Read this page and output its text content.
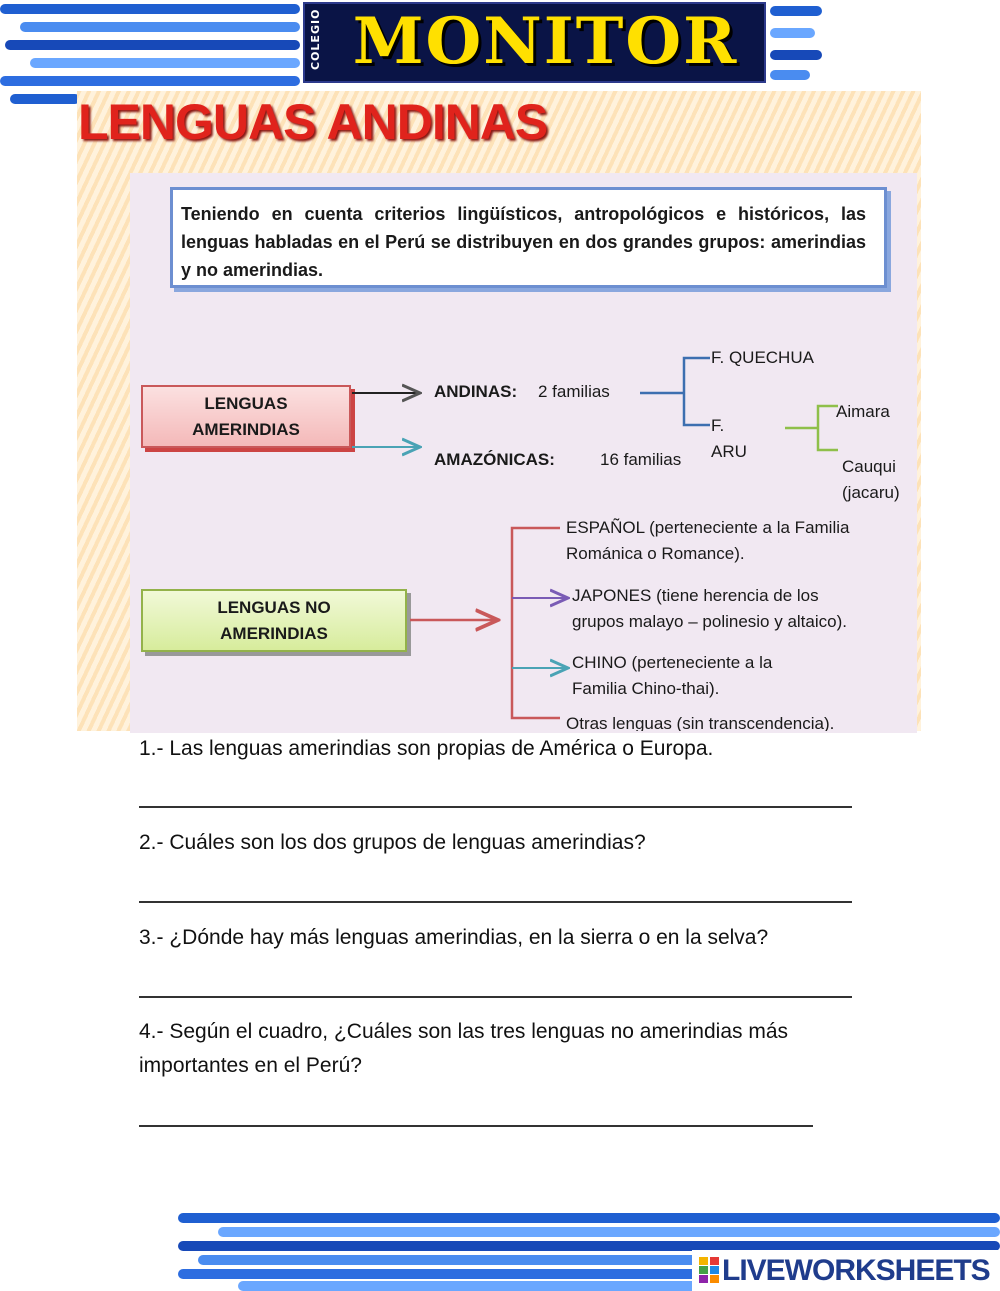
COLEGIO MONITOR
LENGUAS ANDINAS
Teniendo en cuenta criterios lingüísticos, antropológicos e históricos, las lenguas habladas en el Perú se distribuyen en dos grandes grupos: amerindias y no amerindias.
LENGUAS
AMERINDIAS
LENGUAS NO
AMERINDIAS
ANDINAS: 2 familias
AMAZÓNICAS:	16 familias
F. QUECHUA
F.
ARU
Aimara
Cauqui
(jacaru)
ESPAÑOL (perteneciente a la Familia
Románica o Romance).
JAPONES (tiene herencia de los
grupos malayo – polinesio y altaico).
CHINO (perteneciente a la
Familia Chino-thai).
Otras lenguas (sin transcendencia).
1.- Las lenguas amerindias son propias de América o Europa.
2.- Cuáles son los dos grupos de lenguas amerindias?
3.- ¿Dónde hay más lenguas amerindias, en la sierra o en la selva?
4.- Según el cuadro, ¿Cuáles son las tres lenguas no amerindias más
importantes en el Perú?
LIVEWORKSHEETS
